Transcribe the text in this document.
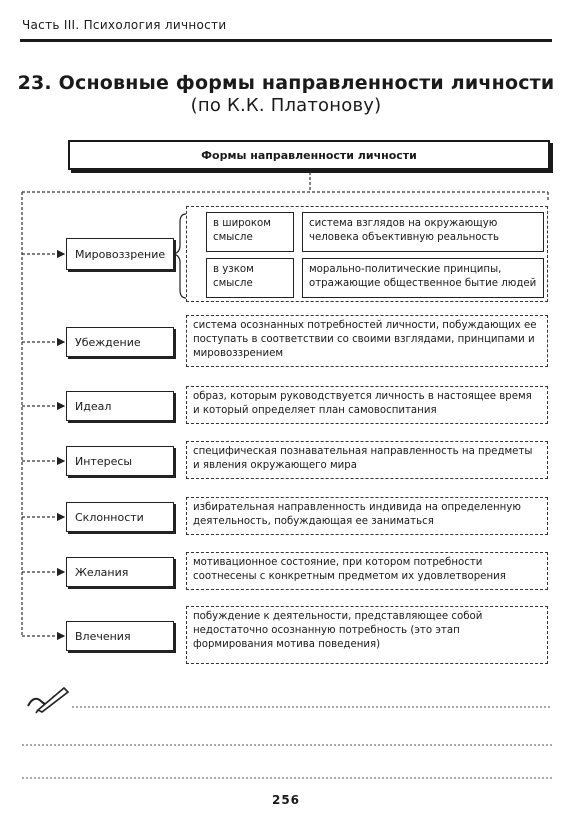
Часть III. Психология личности
23. Основные формы направленности личности
(по К.К. Платонову)
Формы направленности личности
Мировоззрение
в широком смысле
система взглядов на окружающую человека объективную реальность
в узком смысле
морально-политические принципы, отражающие общественное бытие людей
Убеждение
система осознанных потребностей личности, побуждающих ее поступать в соответствии со своими взглядами, принципами и мировоззрением
Идеал
образ, которым руководствуется личность в настоящее время и который определяет план самовоспитания
Интересы
специфическая познавательная направленность на предметы и явления окружающего мира
Склонности
избирательная направленность индивида на определенную деятельность, побуждающая ее заниматься
Желания
мотивационное состояние, при котором потребности соотнесены с конкретным предметом их удовлетворения
Влечения
побуждение к деятельности, представляющее собой недостаточно осознанную потребность (это этап формирования мотива поведения)
256
